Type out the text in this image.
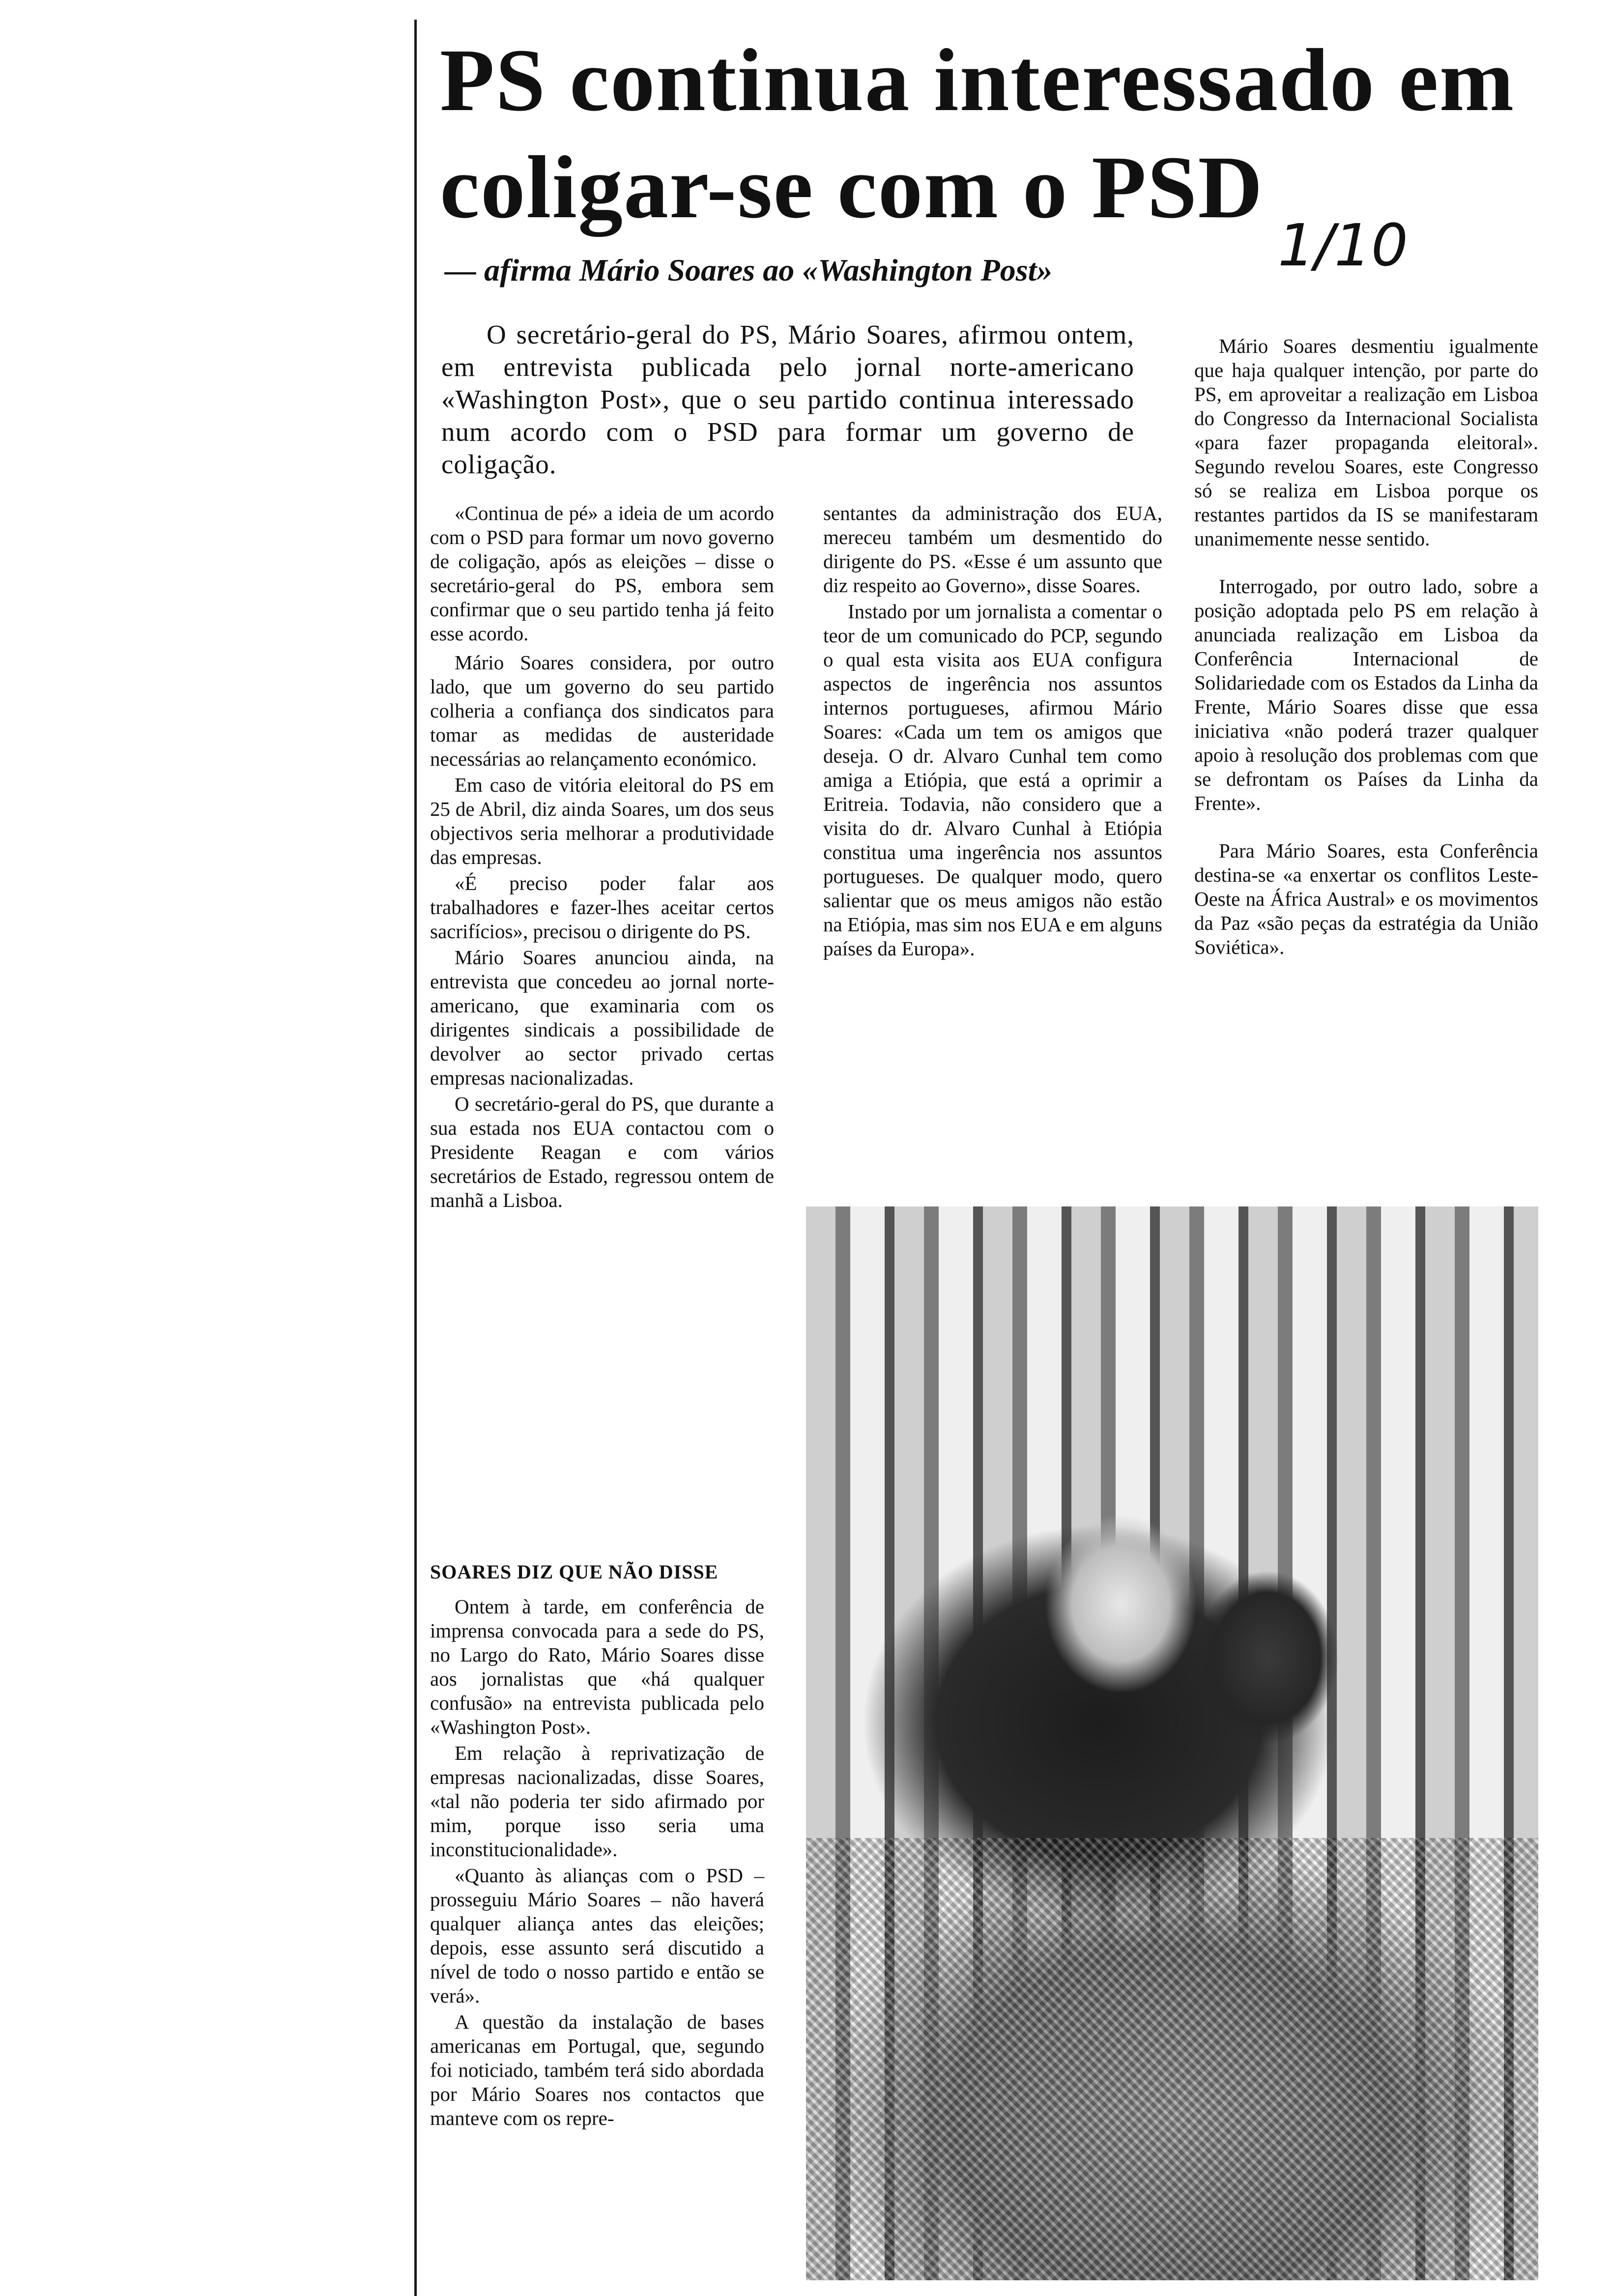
PS continua interessado em coligar-se com o PSD
— afirma Mário Soares ao «Washington Post»	1/10

O secretário-geral do PS, Mário Soares, afirmou ontem, em entrevista publicada pelo jornal norte-americano «Washington Post», que o seu partido continua interessado num acordo com o PSD para formar um governo de coligação.

«Continua de pé» a ideia de um acordo com o PSD para formar um novo governo de coligação, após as eleições – disse o secretário-geral do PS, embora sem confirmar que o seu partido tenha já feito esse acordo.

Mário Soares considera, por outro lado, que um governo do seu partido colheria a confiança dos sindicatos para tomar as medidas de austeridade necessárias ao relançamento económico.

Em caso de vitória eleitoral do PS em 25 de Abril, diz ainda Soares, um dos seus objectivos seria melhorar a produtividade das empresas.

«É preciso poder falar aos trabalhadores e fazer-lhes aceitar certos sacrifícios», precisou o dirigente do PS.

Mário Soares anunciou ainda, na entrevista que concedeu ao jornal norte-americano, que examinaria com os dirigentes sindicais a possibilidade de devolver ao sector privado certas empresas nacionalizadas.

O secretário-geral do PS, que durante a sua estada nos EUA contactou com o Presidente Reagan e com vários secretários de Estado, regressou ontem de manhã a Lisboa.

SOARES DIZ QUE NÃO DISSE

Ontem à tarde, em conferência de imprensa convocada para a sede do PS, no Largo do Rato, Mário Soares disse aos jornalistas que «há qualquer confusão» na entrevista publicada pelo «Washington Post».

Em relação à reprivatização de empresas nacionalizadas, disse Soares, «tal não poderia ter sido afirmado por mim, porque isso seria uma inconstitucionalidade».

«Quanto às alianças com o PSD – prosseguiu Mário Soares – não haverá qualquer aliança antes das eleições; depois, esse assunto será discutido a nível de todo o nosso partido e então se verá».

A questão da instalação de bases americanas em Portugal, que, segundo foi noticiado, também terá sido abordada por Mário Soares nos contactos que manteve com os repre-

sentantes da administração dos EUA, mereceu também um desmentido do dirigente do PS. «Esse é um assunto que diz respeito ao Governo», disse Soares.

Instado por um jornalista a comentar o teor de um comunicado do PCP, segundo o qual esta visita aos EUA configura aspectos de ingerência nos assuntos internos portugueses, afirmou Mário Soares: «Cada um tem os amigos que deseja. O dr. Alvaro Cunhal tem como amiga a Etiópia, que está a oprimir a Eritreia. Todavia, não considero que a visita do dr. Alvaro Cunhal à Etiópia constitua uma ingerência nos assuntos portugueses. De qualquer modo, quero salientar que os meus amigos não estão na Etiópia, mas sim nos EUA e em alguns países da Europa».

Mário Soares desmentiu igualmente que haja qualquer intenção, por parte do PS, em aproveitar a realização em Lisboa do Congresso da Internacional Socialista «para fazer propaganda eleitoral». Segundo revelou Soares, este Congresso só se realiza em Lisboa porque os restantes partidos da IS se manifestaram unanimemente nesse sentido.

Interrogado, por outro lado, sobre a posição adoptada pelo PS em relação à anunciada realização em Lisboa da Conferência Internacional de Solidariedade com os Estados da Linha da Frente, Mário Soares disse que essa iniciativa «não poderá trazer qualquer apoio à resolução dos problemas com que se defrontam os Países da Linha da Frente».

Para Mário Soares, esta Conferência destina-se «a enxertar os conflitos Leste-Oeste na África Austral» e os movimentos da Paz «são peças da estratégia da União Soviética».
